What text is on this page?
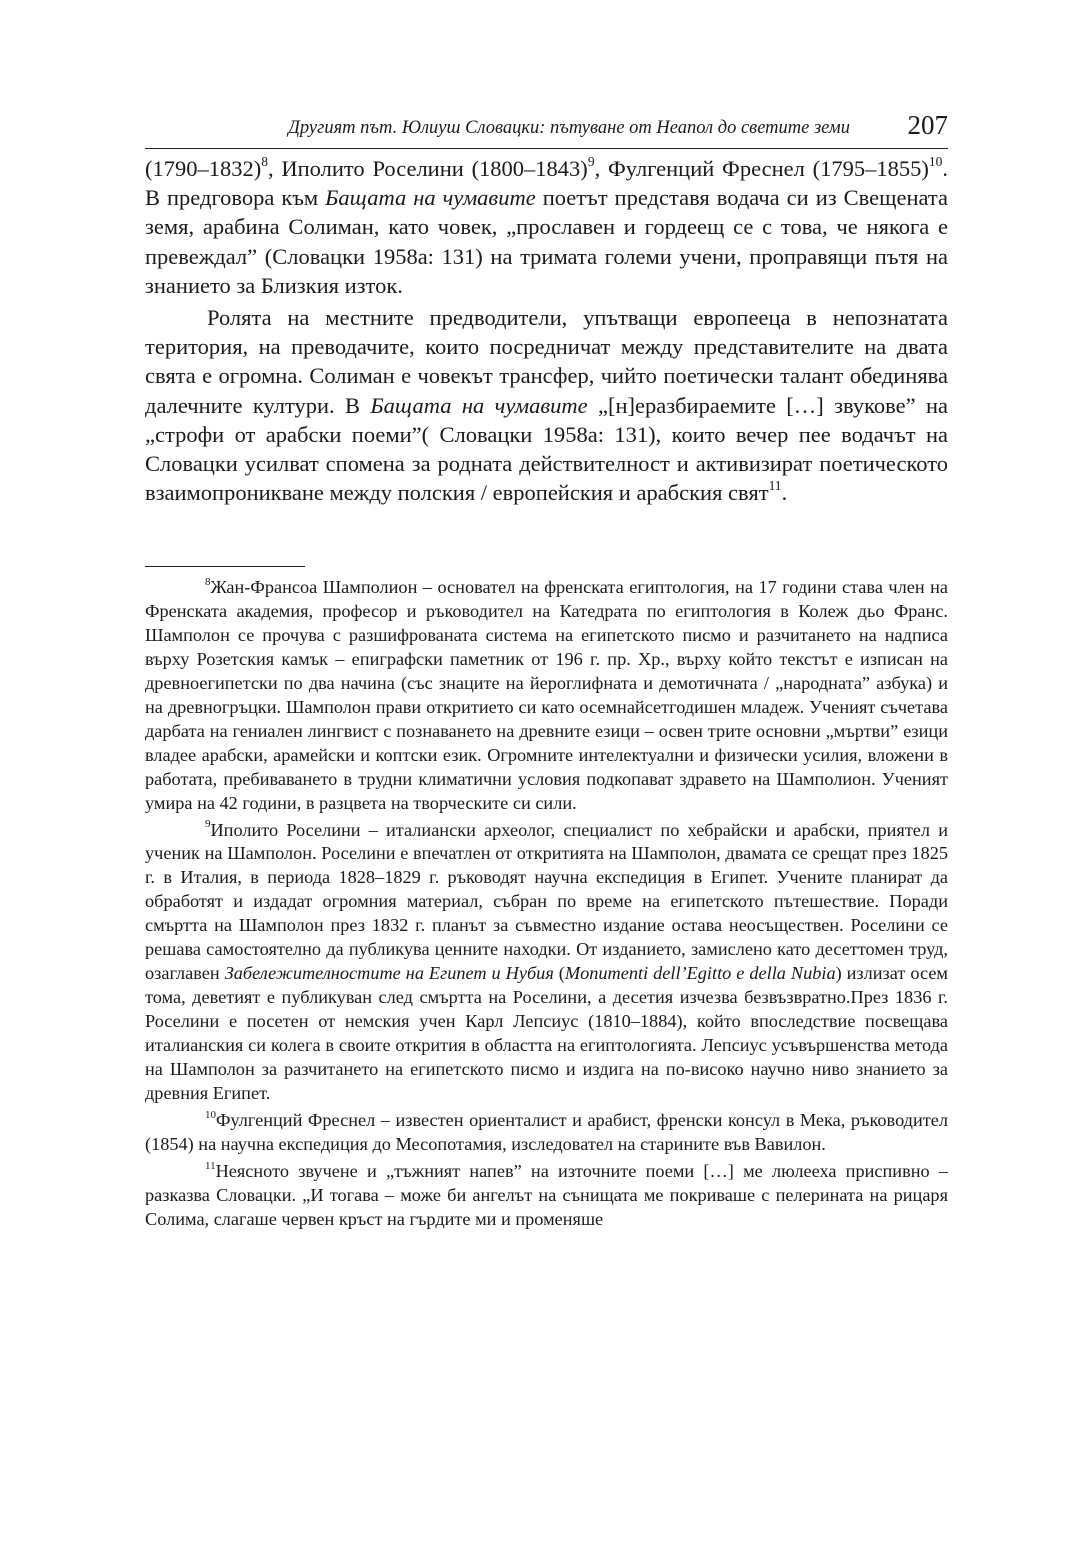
Другият път. Юлиуш Словацки: пътуване от Неапол до светите земи 207

(1790–1832)$^8$, Иполито Роселини (1800–1843)$^9$, Фулгенций Фреснел (1795–1855)$^{10}$. В предговора към Бащата на чумавите поетът представя водача си из Свещената земя, арабина Солиман, като човек, „прославен и гордеещ се с това, че някога е превеждал” (Словацки 1958а: 131) на тримата големи учени, проправящи пътя на знанието за Близкия изток.

Ролята на местните предводители, упътващи европееца в непознатата територия, на преводачите, които посредничат между представителите на двата свята е огромна. Солиман е човекът трансфер, чийто поетически талант обединява далечните култури. В Бащата на чумавите „[н]еразбираемите […] звукове” на „строфи от арабски поеми”( Словацки 1958а: 131), които вечер пее водачът на Словацки усилват спомена за родната действителност и активизират поетическото взаимопроникване между полския / европейския и арабския свят$^{11}$.

$^8$Жан-Франсоа Шамполион – основател на френската египтология, на 17 години става член на Френската академия, професор и ръководител на Катедрата по египтология в Колеж дьо Франс. Шамполон се прочува с разшифрованата система на египетското писмо и разчитането на надписа върху Розетския камък – епиграфски паметник от 196 г. пр. Хр., върху който текстът е изписан на древноегипетски по два начина (със знаците на йероглифната и демотичната / „народната” азбука) и на древногръцки. Шамполон прави откритието си като осемнайсетгодишен младеж. Ученият съчетава дарбата на гениален лингвист с познаването на древните езици – освен трите основни „мъртви” езици владее арабски, арамейски и коптски език. Огромните интелектуални и физически усилия, вложени в работата, пребиваването в трудни климатични условия подкопават здравето на Шамполион. Ученият умира на 42 години, в разцвета на творческите си сили.

$^9$Иполито Роселини – италиански археолог, специалист по хебрайски и арабски, приятел и ученик на Шамполон. Роселини е впечатлен от откритията на Шамполон, двамата се срещат през 1825 г. в Италия, в периода 1828–1829 г. ръководят научна експедиция в Египет. Учените планират да обработят и издадат огромния материал, събран по време на египетското пътешествие. Поради смъртта на Шамполон през 1832 г. планът за съвместно издание остава неосъществен. Роселини се решава самостоятелно да публикува ценните находки. От изданието, замислено като десеттомен труд, озаглавен Забележителностите на Египет и Нубия (Monumenti dell’Egitto e della Nubia) излизат осем тома, деветият е публикуван след смъртта на Роселини, а десетия изчезва безвъзвратно.През 1836 г. Роселини е посетен от немския учен Карл Лепсиус (1810–1884), който впоследствие посвещава италианския си колега в своите открития в областта на египтологията. Лепсиус усъвършенства метода на Шамполон за разчитането на египетското писмо и издига на по-високо научно ниво знанието за древния Египет.

$^{10}$Фулгенций Фреснел – известен ориенталист и арабист, френски консул в Мека, ръководител (1854) на научна експедиция до Месопотамия, изследовател на старините във Вавилон.

$^{11}$Неясното звучене и „тъжният напев” на източните поеми […] ме люлееха приспивно – разказва Словацки. „И тогава – може би ангелът на сънищата ме покриваше с пелерината на рицаря Солима, слагаше червен кръст на гърдите ми и променяше
